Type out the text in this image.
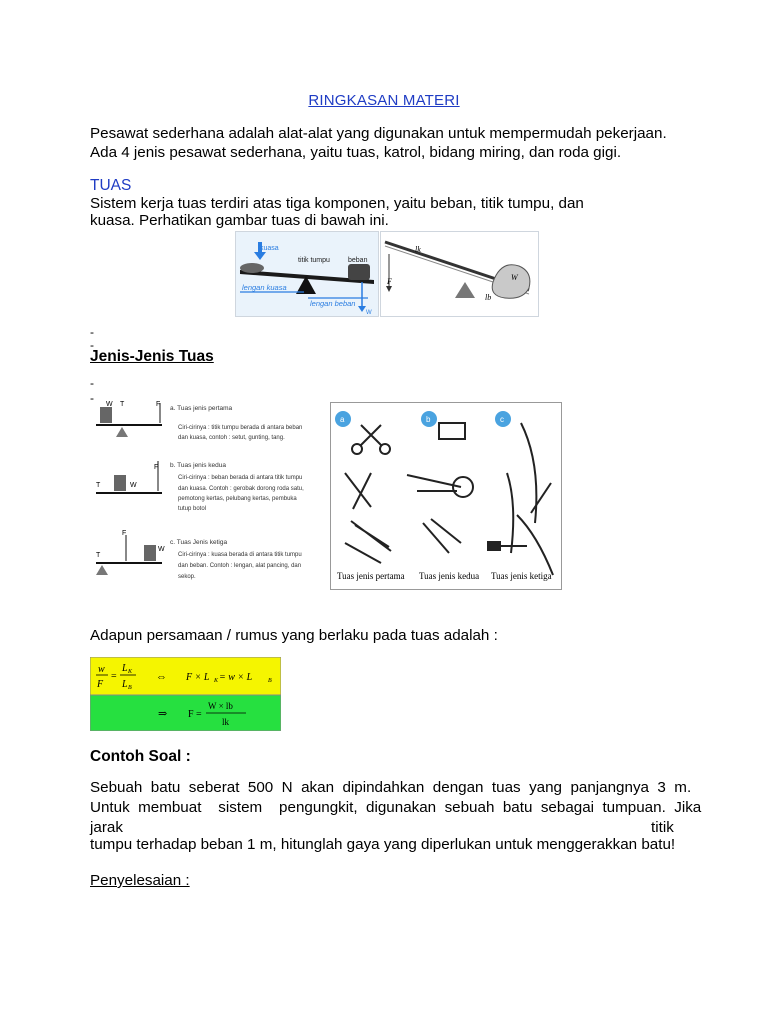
RINGKASAN MATERI
Pesawat sederhana adalah alat-alat yang digunakan untuk mempermudah pekerjaan.
Ada 4 jenis pesawat sederhana, yaitu tuas, katrol, bidang miring, dan roda gigi.
TUAS
Sistem kerja tuas terdiri atas tiga komponen, yaitu beban, titik tumpu, dan
kuasa. Perhatikan gambar tuas di bawah ini.
kuasa
titik tumpu	beban
lengan kuasa
lengan beban
W
lk
lb
F	W
-
-
Jenis-Jenis Tuas
-
- W T	F
a. Tuas jenis pertama
Ciri-cirinya : titik tumpu berada di antara beban
dan kuasa, contoh : setut, gunting, tang.
T	W
F b. Tuas jenis kedua
Ciri-cirinya : beban berada di antara titik tumpu
dan kuasa. Contoh : gerobak dorong roda satu,
pemotong kertas, pelubang kertas, pembuka
tutup botol
T
F
W
c. Tuas Jenis ketiga
Ciri-cirinya : kuasa berada di antara titik tumpu
dan beban. Contoh : lengan, alat pancing, dan
sekop.
a	b	c
Tuas jenis pertama Tuas jenis kedua Tuas jenis ketiga
Adapun persamaan / rumus yang berlaku pada tuas adalah :
w
F
=
L K
L B
⇔ F × L K = w × L	B
⇒ F =
W × lb
lk
Contoh Soal :
Sebuah  batu  seberat  500  N  akan  dipindahkan  dengan  tuas  yang  panjangnya  3  m.
Untuk  membuat    sistem    pengungkit,  digunakan  sebuah  batu  sebagai  tumpuan.  Jika
jarak	titik
tumpu terhadap beban 1 m, hitunglah gaya yang diperlukan untuk menggerakkan batu!
Penyelesaian :
